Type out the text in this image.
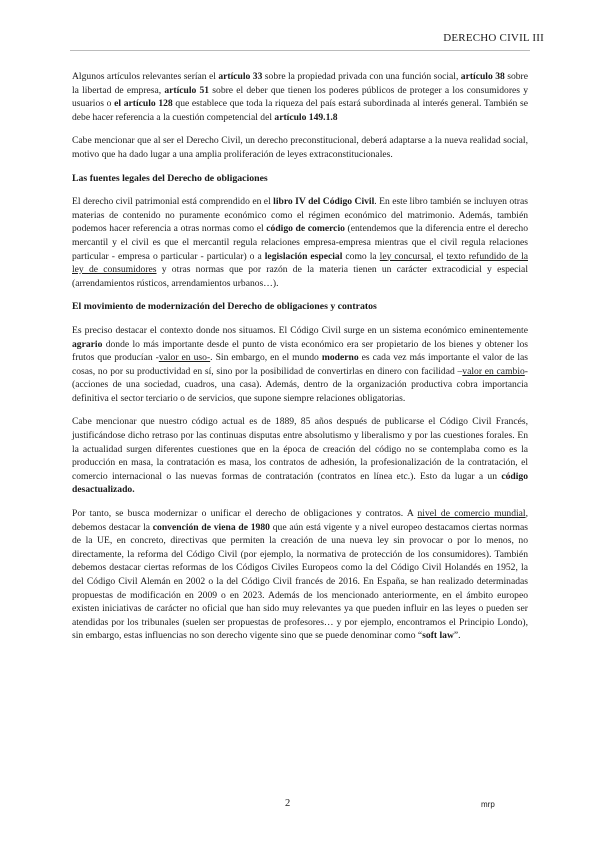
DERECHO CIVIL III

Algunos artículos relevantes serían el artículo 33 sobre la propiedad privada con una función social, artículo 38 sobre la libertad de empresa, artículo 51 sobre el deber que tienen los poderes públicos de proteger a los consumidores y usuarios o el artículo 128 que establece que toda la riqueza del país estará subordinada al interés general. También se debe hacer referencia a la cuestión competencial del artículo 149.1.8

Cabe mencionar que al ser el Derecho Civil, un derecho preconstitucional, deberá adaptarse a la nueva realidad social, motivo que ha dado lugar a una amplia proliferación de leyes extraconstitucionales.

Las fuentes legales del Derecho de obligaciones

El derecho civil patrimonial está comprendido en el libro IV del Código Civil. En este libro también se incluyen otras materias de contenido no puramente económico como el régimen económico del matrimonio. Además, también podemos hacer referencia a otras normas como el código de comercio (entendemos que la diferencia entre el derecho mercantil y el civil es que el mercantil regula relaciones empresa-empresa mientras que el civil regula relaciones particular - empresa o particular - particular) o a legislación especial como la ley concursal, el texto refundido de la ley de consumidores y otras normas que por razón de la materia tienen un carácter extracodicial y especial (arrendamientos rústicos, arrendamientos urbanos…).

El movimiento de modernización del Derecho de obligaciones y contratos

Es preciso destacar el contexto donde nos situamos. El Código Civil surge en un sistema económico eminentemente agrario donde lo más importante desde el punto de vista económico era ser propietario de los bienes y obtener los frutos que producían -valor en uso-. Sin embargo, en el mundo moderno es cada vez más importante el valor de las cosas, no por su productividad en sí, sino por la posibilidad de convertirlas en dinero con facilidad –valor en cambio- (acciones de una sociedad, cuadros, una casa). Además, dentro de la organización productiva cobra importancia definitiva el sector terciario o de servicios, que supone siempre relaciones obligatorias.

Cabe mencionar que nuestro código actual es de 1889, 85 años después de publicarse el Código Civil Francés, justificándose dicho retraso por las continuas disputas entre absolutismo y liberalismo y por las cuestiones forales. En la actualidad surgen diferentes cuestiones que en la época de creación del código no se contemplaba como es la producción en masa, la contratación es masa, los contratos de adhesión, la profesionalización de la contratación, el comercio internacional o las nuevas formas de contratación (contratos en línea etc.). Esto da lugar a un código desactualizado.

Por tanto, se busca modernizar o unificar el derecho de obligaciones y contratos. A nivel de comercio mundial, debemos destacar la convención de viena de 1980 que aún está vigente y a nivel europeo destacamos ciertas normas de la UE, en concreto, directivas que permiten la creación de una nueva ley sin provocar o por lo menos, no directamente, la reforma del Código Civil (por ejemplo, la normativa de protección de los consumidores). También debemos destacar ciertas reformas de los Códigos Civiles Europeos como la del Código Civil Holandés en 1952, la del Código Civil Alemán en 2002 o la del Código Civil francés de 2016. En España, se han realizado determinadas propuestas de modificación en 2009 o en 2023. Además de los mencionado anteriormente, en el ámbito europeo existen iniciativas de carácter no oficial que han sido muy relevantes ya que pueden influir en las leyes o pueden ser atendidas por los tribunales (suelen ser propuestas de profesores… y por ejemplo, encontramos el Principio Londo), sin embargo, estas influencias no son derecho vigente sino que se puede denominar como “soft law”.

2	mrp
